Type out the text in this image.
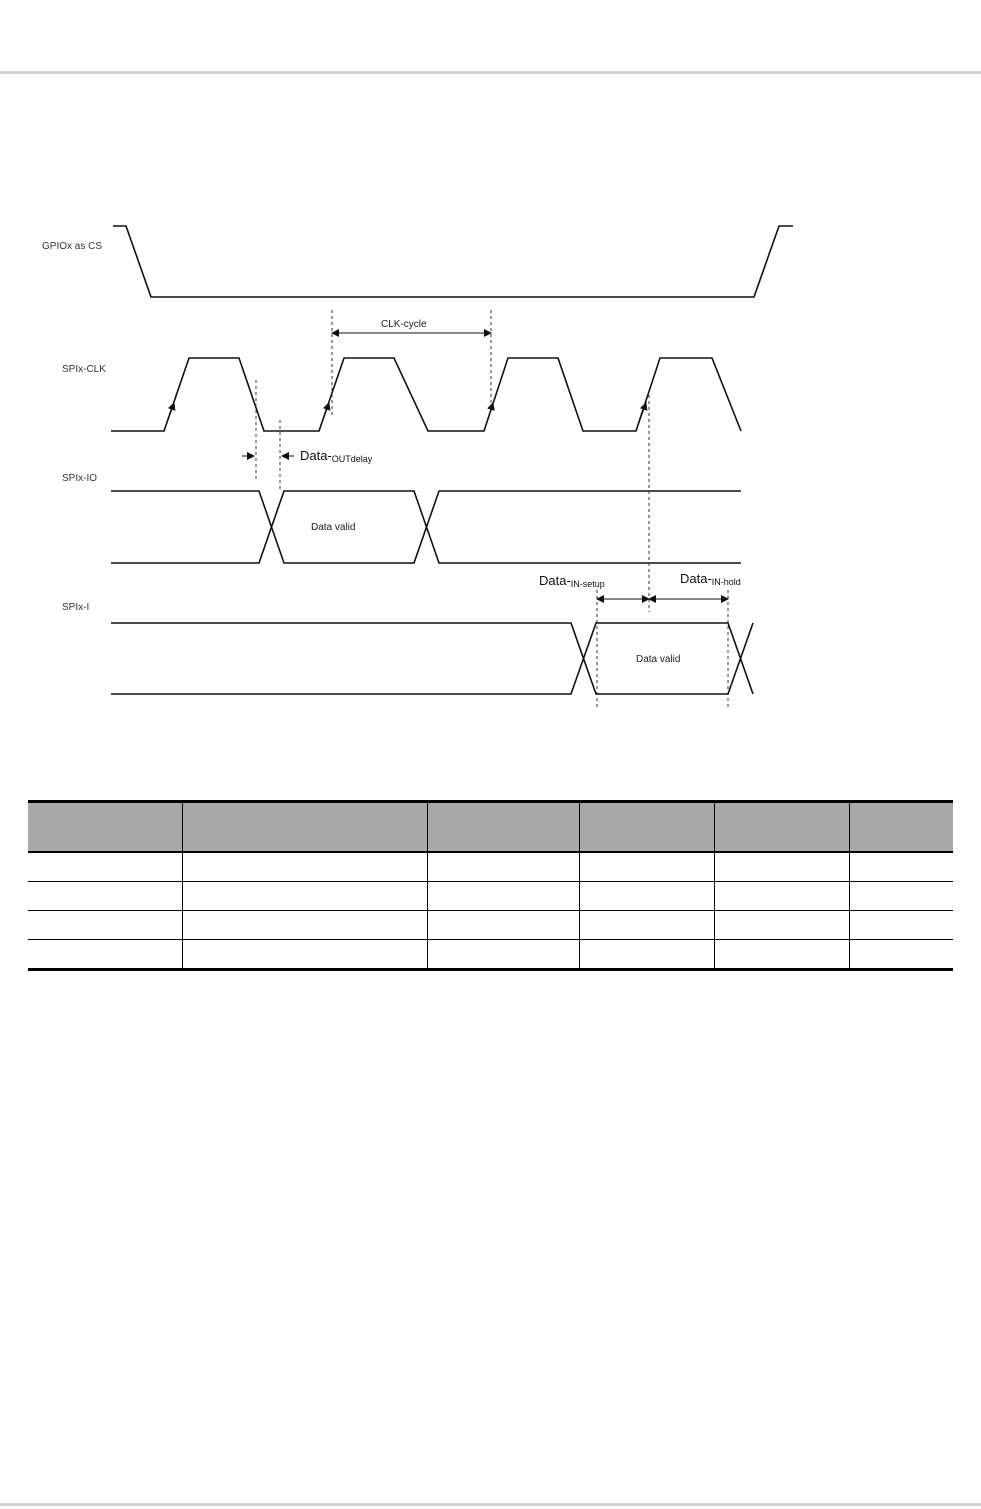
GPIOx as CS
SPIx-CLK
SPIx-IO
SPIx-I
CLK-cycle
Data-OUTdelay
Data valid
Data-IN-setup	Data-IN-hold
Data valid
